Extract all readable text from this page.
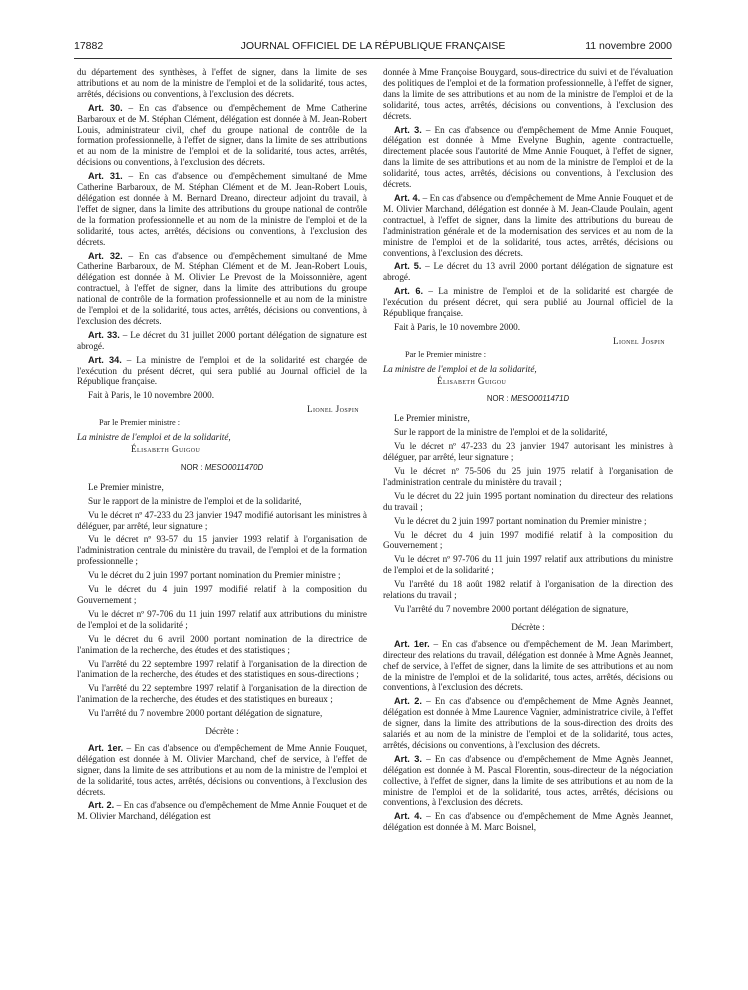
17882	JOURNAL OFFICIEL DE LA RÉPUBLIQUE FRANÇAISE	11 novembre 2000

du département des synthèses, à l'effet de signer, dans la limite de ses attributions et au nom de la ministre de l'emploi et de la solidarité, tous actes, arrêtés, décisions ou conventions, à l'exclusion des décrets.

Art. 30. – En cas d'absence ou d'empêchement de Mme Catherine Barbaroux et de M. Stéphan Clément, délégation est donnée à M. Jean-Robert Louis, administrateur civil, chef du groupe national de contrôle de la formation professionnelle, à l'effet de signer, dans la limite de ses attributions et au nom de la ministre de l'emploi et de la solidarité, tous actes, arrêtés, décisions ou conventions, à l'exclusion des décrets.

Art. 31. – En cas d'absence ou d'empêchement simultané de Mme Catherine Barbaroux, de M. Stéphan Clément et de M. Jean-Robert Louis, délégation est donnée à M. Bernard Dreano, directeur adjoint du travail, à l'effet de signer, dans la limite des attributions du groupe national de contrôle de la formation professionnelle et au nom de la ministre de l'emploi et de la solidarité, tous actes, arrêtés, décisions ou conventions, à l'exclusion des décrets.

Art. 32. – En cas d'absence ou d'empêchement simultané de Mme Catherine Barbaroux, de M. Stéphan Clément et de M. Jean-Robert Louis, délégation est donnée à M. Olivier Le Prevost de la Moissonnière, agent contractuel, à l'effet de signer, dans la limite des attributions du groupe national de contrôle de la formation professionnelle et au nom de la ministre de l'emploi et de la solidarité, tous actes, arrêtés, décisions ou conventions, à l'exclusion des décrets.

Art. 33. – Le décret du 31 juillet 2000 portant délégation de signature est abrogé.

Art. 34. – La ministre de l'emploi et de la solidarité est chargée de l'exécution du présent décret, qui sera publié au Journal officiel de la République française.

Fait à Paris, le 10 novembre 2000.

Lionel Jospin

Par le Premier ministre :

La ministre de l'emploi et de la solidarité,

Élisabeth Guigou

NOR : MESO0011470D

Le Premier ministre,

Sur le rapport de la ministre de l'emploi et de la solidarité,

Vu le décret nº 47-233 du 23 janvier 1947 modifié autorisant les ministres à déléguer, par arrêté, leur signature ;

Vu le décret nº 93-57 du 15 janvier 1993 relatif à l'organisation de l'administration centrale du ministère du travail, de l'emploi et de la formation professionnelle ;

Vu le décret du 2 juin 1997 portant nomination du Premier ministre ;

Vu le décret du 4 juin 1997 modifié relatif à la composition du Gouvernement ;

Vu le décret nº 97-706 du 11 juin 1997 relatif aux attributions du ministre de l'emploi et de la solidarité ;

Vu le décret du 6 avril 2000 portant nomination de la directrice de l'animation de la recherche, des études et des statistiques ;

Vu l'arrêté du 22 septembre 1997 relatif à l'organisation de la direction de l'animation de la recherche, des études et des statistiques en sous-directions ;

Vu l'arrêté du 22 septembre 1997 relatif à l'organisation de la direction de l'animation de la recherche, des études et des statistiques en bureaux ;

Vu l'arrêté du 7 novembre 2000 portant délégation de signature,

Décrète :

Art. 1er. – En cas d'absence ou d'empêchement de Mme Annie Fouquet, délégation est donnée à M. Olivier Marchand, chef de service, à l'effet de signer, dans la limite de ses attributions et au nom de la ministre de l'emploi et de la solidarité, tous actes, arrêtés, décisions ou conventions, à l'exclusion des décrets.

Art. 2. – En cas d'absence ou d'empêchement de Mme Annie Fouquet et de M. Olivier Marchand, délégation est

donnée à Mme Françoise Bouygard, sous-directrice du suivi et de l'évaluation des politiques de l'emploi et de la formation professionnelle, à l'effet de signer, dans la limite de ses attributions et au nom de la ministre de l'emploi et de la solidarité, tous actes, arrêtés, décisions ou conventions, à l'exclusion des décrets.

Art. 3. – En cas d'absence ou d'empêchement de Mme Annie Fouquet, délégation est donnée à Mme Evelyne Bughin, agente contractuelle, directement placée sous l'autorité de Mme Annie Fouquet, à l'effet de signer, dans la limite de ses attributions et au nom de la ministre de l'emploi et de la solidarité, tous actes, arrêtés, décisions ou conventions, à l'exclusion des décrets.

Art. 4. – En cas d'absence ou d'empêchement de Mme Annie Fouquet et de M. Olivier Marchand, délégation est donnée à M. Jean-Claude Poulain, agent contractuel, à l'effet de signer, dans la limite des attributions du bureau de l'administration générale et de la modernisation des services et au nom de la ministre de l'emploi et de la solidarité, tous actes, arrêtés, décisions ou conventions, à l'exclusion des décrets.

Art. 5. – Le décret du 13 avril 2000 portant délégation de signature est abrogé.

Art. 6. – La ministre de l'emploi et de la solidarité est chargée de l'exécution du présent décret, qui sera publié au Journal officiel de la République française.

Fait à Paris, le 10 novembre 2000.

Lionel Jospin

Par le Premier ministre :

La ministre de l'emploi et de la solidarité,

Élisabeth Guigou

NOR : MESO0011471D

Le Premier ministre,

Sur le rapport de la ministre de l'emploi et de la solidarité,

Vu le décret nº 47-233 du 23 janvier 1947 autorisant les ministres à déléguer, par arrêté, leur signature ;

Vu le décret nº 75-506 du 25 juin 1975 relatif à l'organisation de l'administration centrale du ministère du travail ;

Vu le décret du 22 juin 1995 portant nomination du directeur des relations du travail ;

Vu le décret du 2 juin 1997 portant nomination du Premier ministre ;

Vu le décret du 4 juin 1997 modifié relatif à la composition du Gouvernement ;

Vu le décret nº 97-706 du 11 juin 1997 relatif aux attributions du ministre de l'emploi et de la solidarité ;

Vu l'arrêté du 18 août 1982 relatif à l'organisation de la direction des relations du travail ;

Vu l'arrêté du 7 novembre 2000 portant délégation de signature,

Décrète :

Art. 1er. – En cas d'absence ou d'empêchement de M. Jean Marimbert, directeur des relations du travail, délégation est donnée à Mme Agnès Jeannet, chef de service, à l'effet de signer, dans la limite de ses attributions et au nom de la ministre de l'emploi et de la solidarité, tous actes, arrêtés, décisions ou conventions, à l'exclusion des décrets.

Art. 2. – En cas d'absence ou d'empêchement de Mme Agnès Jeannet, délégation est donnée à Mme Laurence Vagnier, administratrice civile, à l'effet de signer, dans la limite des attributions de la sous-direction des droits des salariés et au nom de la ministre de l'emploi et de la solidarité, tous actes, arrêtés, décisions ou conventions, à l'exclusion des décrets.

Art. 3. – En cas d'absence ou d'empêchement de Mme Agnès Jeannet, délégation est donnée à M. Pascal Florentin, sous-directeur de la négociation collective, à l'effet de signer, dans la limite de ses attributions et au nom de la ministre de l'emploi et de la solidarité, tous actes, arrêtés, décisions ou conventions, à l'exclusion des décrets.

Art. 4. – En cas d'absence ou d'empêchement de Mme Agnès Jeannet, délégation est donnée à M. Marc Boisnel,
